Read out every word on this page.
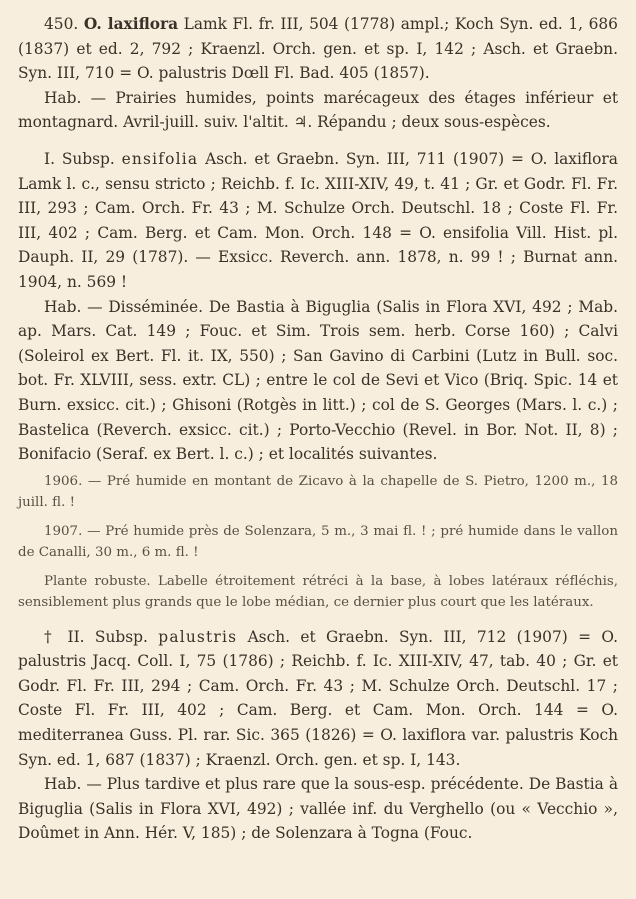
450. O. laxiflora Lamk Fl. fr. III, 504 (1778) ampl.; Koch Syn. ed. 1, 686 (1837) et ed. 2, 792 ; Kraenzl. Orch. gen. et sp. I, 142 ; Asch. et Graebn. Syn. III, 710 = O. palustris Dœll Fl. Bad. 405 (1857).

Hab. — Prairies humides, points marécageux des étages inférieur et montagnard. Avril-juill. suiv. l'altit. ♃. Répandu ; deux sous-espèces.

I. Subsp. ensifolia Asch. et Graebn. Syn. III, 711 (1907) = O. laxiflora Lamk l. c., sensu stricto ; Reichb. f. Ic. XIII-XIV, 49, t. 41 ; Gr. et Godr. Fl. Fr. III, 293 ; Cam. Orch. Fr. 43 ; M. Schulze Orch. Deutschl. 18 ; Coste Fl. Fr. III, 402 ; Cam. Berg. et Cam. Mon. Orch. 148 = O. ensifolia Vill. Hist. pl. Dauph. II, 29 (1787). — Exsicc. Reverch. ann. 1878, n. 99 ! ; Burnat ann. 1904, n. 569 !

Hab. — Disséminée. De Bastia à Biguglia (Salis in Flora XVI, 492 ; Mab. ap. Mars. Cat. 149 ; Fouc. et Sim. Trois sem. herb. Corse 160) ; Calvi (Soleirol ex Bert. Fl. it. IX, 550) ; San Gavino di Carbini (Lutz in Bull. soc. bot. Fr. XLVIII, sess. extr. CL) ; entre le col de Sevi et Vico (Briq. Spic. 14 et Burn. exsicc. cit.) ; Ghisoni (Rotgès in litt.) ; col de S. Georges (Mars. l. c.) ; Bastelica (Reverch. exsicc. cit.) ; Porto-Vecchio (Revel. in Bor. Not. II, 8) ; Bonifacio (Seraf. ex Bert. l. c.) ; et localités suivantes.

1906. — Pré humide en montant de Zicavo à la chapelle de S. Pietro, 1200 m., 18 juill. fl. !

1907. — Pré humide près de Solenzara, 5 m., 3 mai fl. ! ; pré humide dans le vallon de Canalli, 30 m., 6 m. fl. !

Plante robuste. Labelle étroitement rétréci à la base, à lobes latéraux réfléchis, sensiblement plus grands que le lobe médian, ce dernier plus court que les latéraux.

† II. Subsp. palustris Asch. et Graebn. Syn. III, 712 (1907) = O. palustris Jacq. Coll. I, 75 (1786) ; Reichb. f. Ic. XIII-XIV, 47, tab. 40 ; Gr. et Godr. Fl. Fr. III, 294 ; Cam. Orch. Fr. 43 ; M. Schulze Orch. Deutschl. 17 ; Coste Fl. Fr. III, 402 ; Cam. Berg. et Cam. Mon. Orch. 144 = O. mediterranea Guss. Pl. rar. Sic. 365 (1826) = O. laxiflora var. palustris Koch Syn. ed. 1, 687 (1837) ; Kraenzl. Orch. gen. et sp. I, 143.

Hab. — Plus tardive et plus rare que la sous-esp. précédente. De Bastia à Biguglia (Salis in Flora XVI, 492) ; vallée inf. du Verghello (ou « Vecchio », Doûmet in Ann. Hér. V, 185) ; de Solenzara à Togna (Fouc.
